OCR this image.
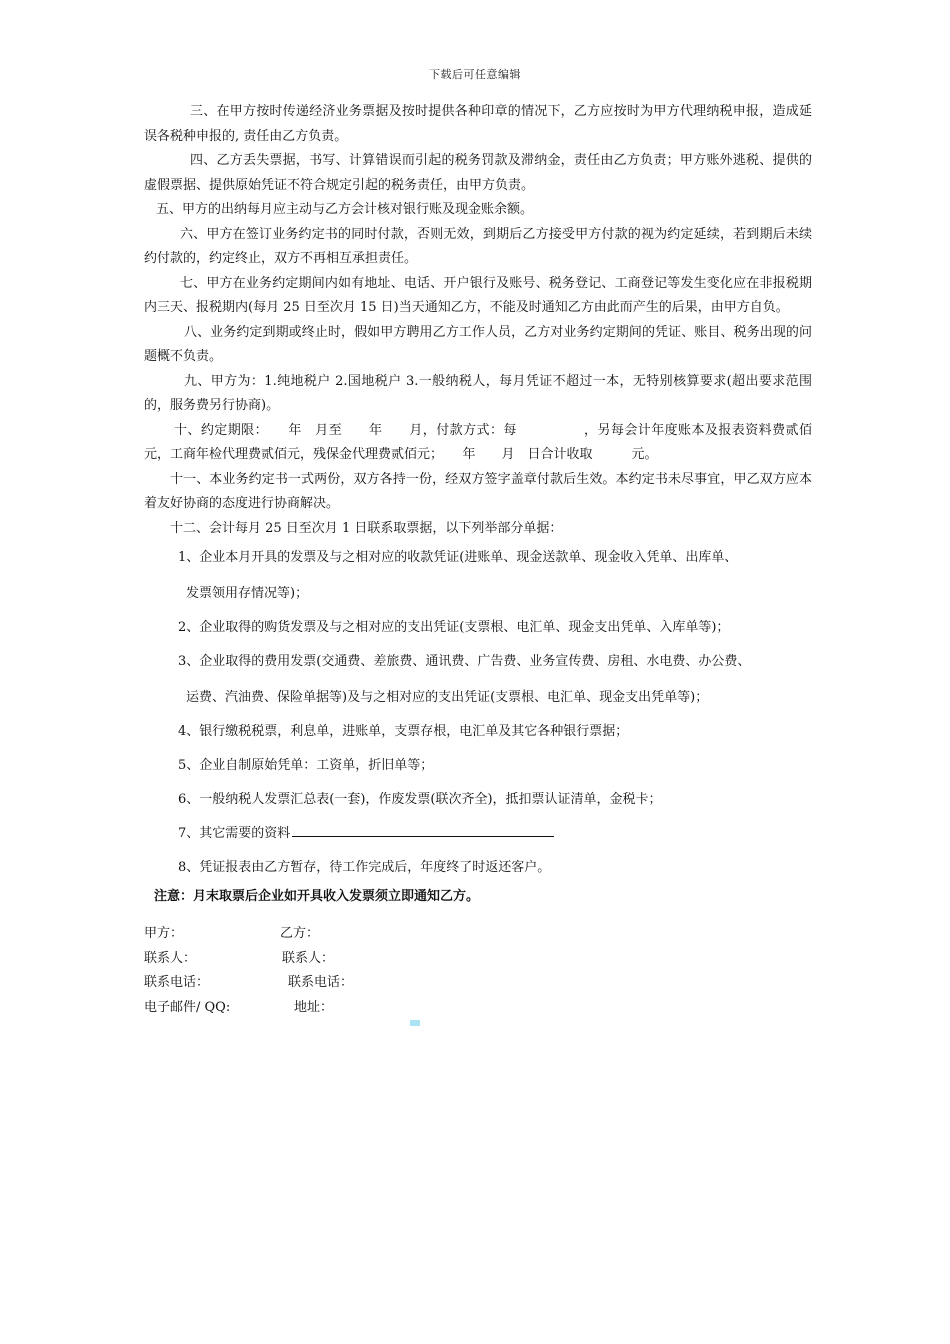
下载后可任意编辑

三、在甲方按时传递经济业务票据及按时提供各种印章的情况下，乙方应按时为甲方代理纳税申报，造成延误各税种申报的, 责任由乙方负责。

四、乙方丢失票据，书写、计算错误而引起的税务罚款及滞纳金，责任由乙方负责；甲方账外逃税、提供的虚假票据、提供原始凭证不符合规定引起的税务责任，由甲方负责。

五、甲方的出纳每月应主动与乙方会计核对银行账及现金账余额。

六、甲方在签订业务约定书的同时付款，否则无效，到期后乙方接受甲方付款的视为约定延续，若到期后未续约付款的，约定终止，双方不再相互承担责任。

七、甲方在业务约定期间内如有地址、电话、开户银行及账号、税务登记、工商登记等发生变化应在非报税期内三天、报税期内(每月 25 日至次月 15 日)当天通知乙方，不能及时通知乙方由此而产生的后果，由甲方自负。

八、业务约定到期或终止时，假如甲方聘用乙方工作人员，乙方对业务约定期间的凭证、账目、税务出现的问题概不负责。

九、甲方为：1.纯地税户 2.国地税户 3.一般纳税人，每月凭证不超过一本，无特别核算要求(超出要求范围的，服务费另行协商)。

十、约定期限：　　年　月至　　年　　月，付款方式：每　　　　　，另每会计年度账本及报表资料费贰佰元，工商年检代理费贰佰元，残保金代理费贰佰元；　　年　　月　日合计收取　　　元。

十一、本业务约定书一式两份，双方各持一份，经双方签字盖章付款后生效。本约定书未尽事宜，甲乙双方应本着友好协商的态度进行协商解决。

十二、会计每月 25 日至次月 1 日联系取票据，以下列举部分单据：

1、企业本月开具的发票及与之相对应的收款凭证(进账单、现金送款单、现金收入凭单、出库单、

发票领用存情况等)；

2、企业取得的购货发票及与之相对应的支出凭证(支票根、电汇单、现金支出凭单、入库单等)；

3、企业取得的费用发票(交通费、差旅费、通讯费、广告费、业务宣传费、房租、水电费、办公费、

运费、汽油费、保险单据等)及与之相对应的支出凭证(支票根、电汇单、现金支出凭单等)；

4、银行缴税税票，利息单，进账单，支票存根，电汇单及其它各种银行票据；

5、企业自制原始凭单：工资单，折旧单等；

6、一般纳税人发票汇总表(一套)，作废发票(联次齐全)，抵扣票认证清单，金税卡；

7、其它需要的资料

8、凭证报表由乙方暂存，待工作完成后，年度终了时返还客户。

注意：月末取票后企业如开具收入发票须立即通知乙方。

甲方：	乙方：
联系人：	联系人：
联系电话：	联系电话：
电子邮件/ QQ:	地址：
